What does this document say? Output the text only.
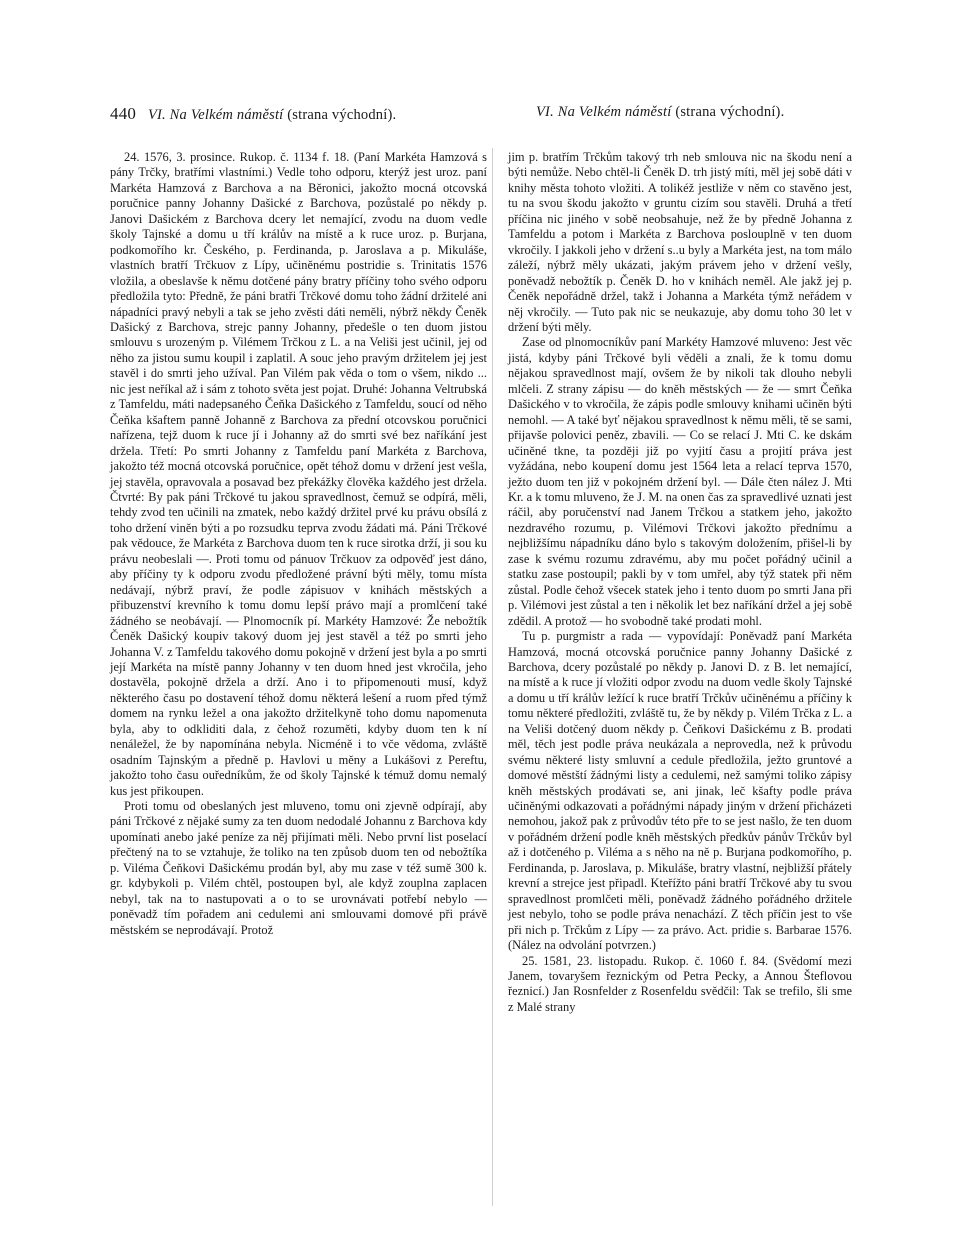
440 VI. Na Velkém náměstí (strana východní).	VI. Na Velkém náměstí (strana východní).

24. 1576, 3. prosince. Rukop. č. 1134 f. 18. (Paní Markéta Hamzová s pány Trčky, bratřími vlastními.) Vedle toho odporu, kterýž jest uroz. paní Markéta Hamzová z Barchova a na Běronici, jakožto mocná otcovská poručnice panny Johanny Dašické z Barchova, pozůstalé po někdy p. Janovi Dašickém z Barchova dcery let nemající, zvodu na duom vedle školy Tajnské a domu u tří králův na místě a k ruce uroz. p. Burjana, podkomořího kr. Českého, p. Ferdinanda, p. Jaroslava a p. Mikuláše, vlastních bratří Trčkuov z Lípy, učiněnému postridie s. Trinitatis 1576 vložila, a obeslavše k němu dotčené pány bratry příčiny toho svého odporu předložila tyto: Předně, že páni bratři Trčkové domu toho žádní držitelé ani nápadníci pravý nebyli a tak se jeho zvěsti dáti neměli, nýbrž někdy Čeněk Dašický z Barchova, strejc panny Johanny, předešle o ten duom jistou smlouvu s urozeným p. Vilémem Trčkou z L. a na Veliši jest učinil, jej od něho za jistou sumu koupil i zaplatil. A souc jeho pravým držitelem jej jest stavěl i do smrti jeho užíval. Pan Vilém pak věda o tom o všem, nikdo ... nic jest neříkal až i sám z tohoto světa jest pojat. Druhé: Johanna Veltrubská z Tamfeldu, máti nadepsaného Čeňka Dašického z Tamfeldu, soucí od něho Čeňka kšaftem panně Johanně z Barchova za přední otcovskou poručnici nařízena, tejž duom k ruce jí i Johanny až do smrti své bez naříkání jest držela. Třetí: Po smrti Johanny z Tamfeldu paní Markéta z Barchova, jakožto též mocná otcovská poručnice, opět téhož domu v držení jest vešla, jej stavěla, opravovala a posavad bez překážky člověka každého jest držela. Čtvrté: By pak páni Trčkové tu jakou spravedlnost, čemuž se odpírá, měli, tehdy zvod ten učinili na zmatek, nebo každý držitel prvé ku právu obsílá z toho držení viněn býti a po rozsudku teprva zvodu žádati má. Páni Trčkové pak vědouce, že Markéta z Barchova duom ten k ruce sirotka drží, ji sou ku právu neobeslali —. Proti tomu od pánuov Trčkuov za odpověď jest dáno, aby příčiny ty k odporu zvodu předložené právní býti měly, tomu místa nedávají, nýbrž praví, že podle zápisuov v knihách městských a přibuzenství krevního k tomu domu lepší právo mají a promlčení také žádného se neobávají. — Plnomocník pí. Markéty Hamzové: Že nebožtík Čeněk Dašický koupiv takový duom jej jest stavěl a též po smrti jeho Johanna V. z Tamfeldu takového domu pokojně v držení jest byla a po smrti její Markéta na místě panny Johanny v ten duom hned jest vkročila, jeho dostavěla, pokojně držela a drží. Ano i to připomenouti musí, když některého času po dostavení téhož domu některá lešení a ruom před týmž domem na rynku ležel a ona jakožto držitelkyně toho domu napomenuta byla, aby to odkliditi dala, z čehož rozuměti, kdyby duom ten k ní nenáležel, že by napomínána nebyla. Nicméně i to vče vědoma, zvláště osadním Tajnským a předně p. Havlovi u měny a Lukášovi z Pereftu, jakožto toho času ouředníkům, že od školy Tajnské k témuž domu nemalý kus jest přikoupen.

Proti tomu od obeslaných jest mluveno, tomu oni zjevně odpírají, aby páni Trčkové z nějaké sumy za ten duom nedodalé Johannu z Barchova kdy upomínati anebo jaké peníze za něj přijímati měli. Nebo první list poselací přečtený na to se vztahuje, že toliko na ten způsob duom ten od nebožtíka p. Viléma Čeňkovi Dašickému prodán byl, aby mu zase v též sumě 300 k. gr. kdybykoli p. Vilém chtěl, postoupen byl, ale když zouplna zaplacen nebyl, tak na to nastupovati a o to se urovnávati potřebí nebylo — poněvadž tím pořadem ani cedulemi ani smlouvami domové při právě městském se neprodávají. Protož

jim p. bratřím Trčkům takový trh neb smlouva nic na škodu není a býti nemůže. Nebo chtěl-li Čeněk D. trh jistý míti, měl jej sobě dáti v knihy města tohoto vložiti. A tolikéž jestliže v něm co stavěno jest, tu na svou škodu jakožto v gruntu cizím sou stavěli. Druhá a třetí příčina nic jiného v sobě neobsahuje, než že by předně Johanna z Tamfeldu a potom i Markéta z Barchova poslouplně v ten duom vkročily. I jakkoli jeho v držení s..u byly a Markéta jest, na tom málo záleží, nýbrž měly ukázati, jakým právem jeho v držení vešly, poněvadž nebožtík p. Čeněk D. ho v knihách neměl. Ale jakž jej p. Čeněk nepořádně držel, takž i Johanna a Markéta týmž neřádem v něj vkročily. — Tuto pak nic se neukazuje, aby domu toho 30 let v držení býti měly.

Zase od plnomocníkův paní Markéty Hamzové mluveno: Jest věc jistá, kdyby páni Trčkové byli věděli a znali, že k tomu domu nějakou spravedlnost mají, ovšem že by nikoli tak dlouho nebyli mlčeli. Z strany zápisu — do kněh městských — že — smrt Čeňka Dašického v to vkročila, že zápis podle smlouvy knihami učiněn býti nemohl. — A také byť nějakou spravedlnost k němu měli, tě se sami, přijavše polovici peněz, zbavili. — Co se relací J. Mti C. ke dskám učiněné tkne, ta později již po vyjití času a projití práva jest vyžádána, nebo koupení domu jest 1564 leta a relací teprva 1570, ježto duom ten již v pokojném držení byl. — Dále čten nález J. Mti Kr. a k tomu mluveno, že J. M. na onen čas za spravedlivé uznati jest ráčil, aby poručenství nad Janem Trčkou a statkem jeho, jakožto nezdravého rozumu, p. Vilémovi Trčkovi jakožto přednímu a nejbližšímu nápadníku dáno bylo s takovým doložením, přišel-li by zase k svému rozumu zdravému, aby mu počet pořádný učinil a statku zase postoupil; pakli by v tom umřel, aby týž statek při něm zůstal. Podle čehož všecek statek jeho i tento duom po smrti Jana při p. Vilémovi jest zůstal a ten i několik let bez naříkání držel a jej sobě zdědil. A protož — ho svobodně také prodati mohl.

Tu p. purgmistr a rada — vypovídají: Poněvadž paní Markéta Hamzová, mocná otcovská poručnice panny Johanny Dašické z Barchova, dcery pozůstalé po někdy p. Janovi D. z B. let nemající, na místě a k ruce jí vložiti odpor zvodu na duom vedle školy Tajnské a domu u tří králův ležící k ruce bratří Trčkův učiněnému a příčiny k tomu některé předložiti, zvláště tu, že by někdy p. Vilém Trčka z L. a na Veliši dotčený duom někdy p. Čeňkovi Dašickému z B. prodati měl, těch jest podle práva neukázala a neprovedla, než k průvodu svému některé listy smluvní a cedule předložila, ježto gruntové a domové městští žádnými listy a cedulemi, než samými toliko zápisy kněh městských prodávati se, ani jinak, leč kšafty podle práva učiněnými odkazovati a pořádnými nápady jiným v držení přicházeti nemohou, jakož pak z průvodův této pře to se jest našlo, že ten duom v pořádném držení podle kněh městských předkův pánův Trčkův byl až i dotčeného p. Viléma a s něho na ně p. Burjana podkomořího, p. Ferdinanda, p. Jaroslava, p. Mikuláše, bratry vlastní, nejbližší přátely krevní a strejce jest připadl. Kteřížto páni bratří Trčkové aby tu svou spravedlnost promlčeti měli, poněvadž žádného pořádného držitele jest nebylo, toho se podle práva nenachází. Z těch příčin jest to vše při nich p. Trčkům z Lípy — za právo. Act. pridie s. Barbarae 1576. (Nález na odvolání potvrzen.)

25. 1581, 23. listopadu. Rukop. č. 1060 f. 84. (Svědomí mezi Janem, tovaryšem řeznickým od Petra Pecky, a Annou Šteflovou řeznicí.) Jan Rosnfelder z Rosenfeldu svědčil: Tak se trefilo, šli sme z Malé strany
